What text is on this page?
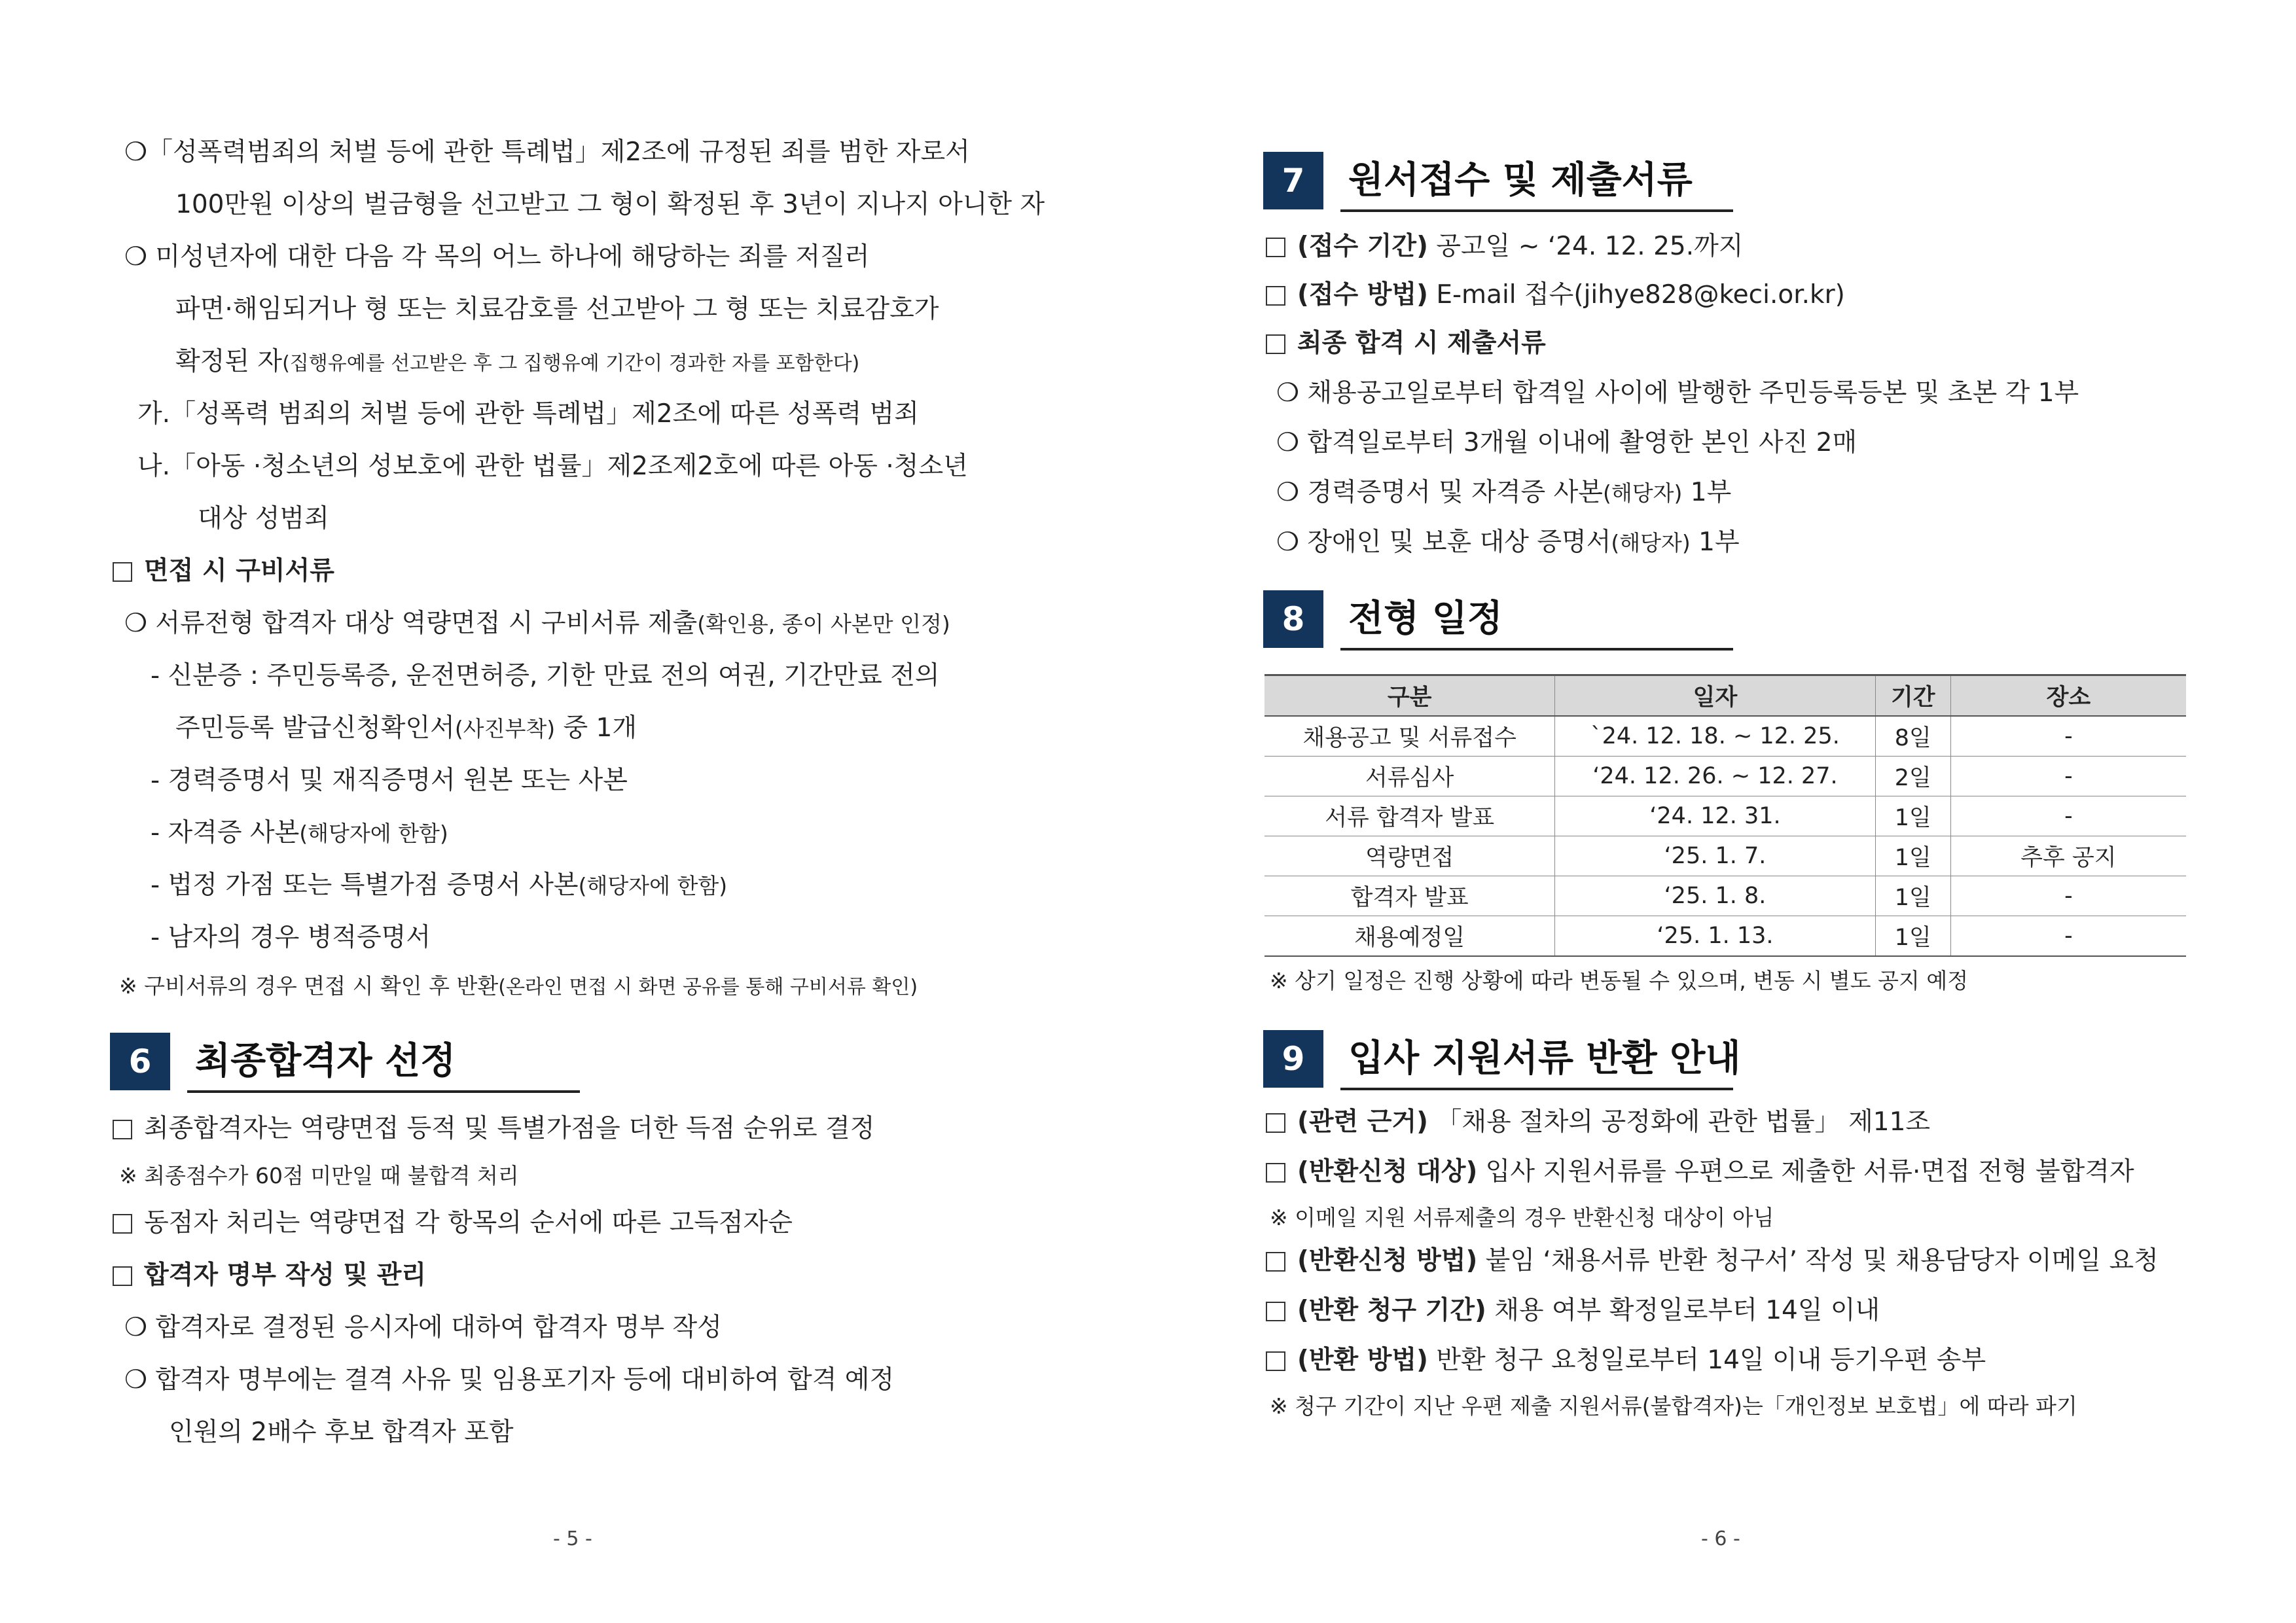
❍「성폭력범죄의 처벌 등에 관한 특례법」제2조에 규정된 죄를 범한 자로서
100만원 이상의 벌금형을 선고받고 그 형이 확정된 후 3년이 지나지 아니한 자
❍ 미성년자에 대한 다음 각 목의 어느 하나에 해당하는 죄를 저질러
파면·해임되거나 형 또는 치료감호를 선고받아 그 형 또는 치료감호가
확정된 자(집행유예를 선고받은 후 그 집행유예 기간이 경과한 자를 포함한다)
가.「성폭력 범죄의 처벌 등에 관한 특례법」제2조에 따른 성폭력 범죄
나.「아동 ·청소년의 성보호에 관한 법률」제2조제2호에 따른 아동 ·청소년
대상 성범죄
면접 시 구비서류
❍ 서류전형 합격자 대상 역량면접 시 구비서류 제출(확인용, 종이 사본만 인정)
- 신분증 : 주민등록증, 운전면허증, 기한 만료 전의 여권, 기간만료 전의
주민등록 발급신청확인서(사진부착) 중 1개
- 경력증명서 및 재직증명서 원본 또는 사본
- 자격증 사본(해당자에 한함)
- 법정 가점 또는 특별가점 증명서 사본(해당자에 한함)
- 남자의 경우 병적증명서
※ 구비서류의 경우 면접 시 확인 후 반환(온라인 면접 시 화면 공유를 통해 구비서류 확인)
6	최종합격자 선정
최종합격자는 역량면접 등적 및 특별가점을 더한 득점 순위로 결정
※ 최종점수가 60점 미만일 때 불합격 처리
동점자 처리는 역량면접 각 항목의 순서에 따른 고득점자순
합격자 명부 작성 및 관리
❍ 합격자로 결정된 응시자에 대하여 합격자 명부 작성
❍ 합격자 명부에는 결격 사유 및 임용포기자 등에 대비하여 합격 예정
인원의 2배수 후보 합격자 포함
- 5 -
7	원서접수 및 제출서류
(접수 기간) 공고일 ~ ‘24. 12. 25.까지
(접수 방법) E-mail 접수(jihye828@keci.or.kr)
최종 합격 시 제출서류
❍ 채용공고일로부터 합격일 사이에 발행한 주민등록등본 및 초본 각 1부
❍ 합격일로부터 3개월 이내에 촬영한 본인 사진 2매
❍ 경력증명서 및 자격증 사본(해당자) 1부
❍ 장애인 및 보훈 대상 증명서(해당자) 1부
8	전형 일정
구분	일자	기간	장소
채용공고 및 서류접수	`24. 12. 18. ~ 12. 25.	8일	-
서류심사	‘24. 12. 26. ~ 12. 27.	2일	-
서류 합격자 발표	‘24. 12. 31.	1일	-
역량면접	‘25. 1. 7.	1일	추후 공지
합격자 발표	‘25. 1. 8.	1일	-
채용예정일	‘25. 1. 13.	1일	-
※ 상기 일정은 진행 상황에 따라 변동될 수 있으며, 변동 시 별도 공지 예정
9	입사 지원서류 반환 안내
(관련 근거) 「채용 절차의 공정화에 관한 법률」 제11조
(반환신청 대상) 입사 지원서류를 우편으로 제출한 서류·면접 전형 불합격자
※ 이메일 지원 서류제출의 경우 반환신청 대상이 아님
(반환신청 방법) 붙임 ‘채용서류 반환 청구서’ 작성 및 채용담당자 이메일 요청
(반환 청구 기간) 채용 여부 확정일로부터 14일 이내
(반환 방법) 반환 청구 요청일로부터 14일 이내 등기우편 송부
※ 청구 기간이 지난 우편 제출 지원서류(불합격자)는「개인정보 보호법」에 따라 파기
- 6 -
